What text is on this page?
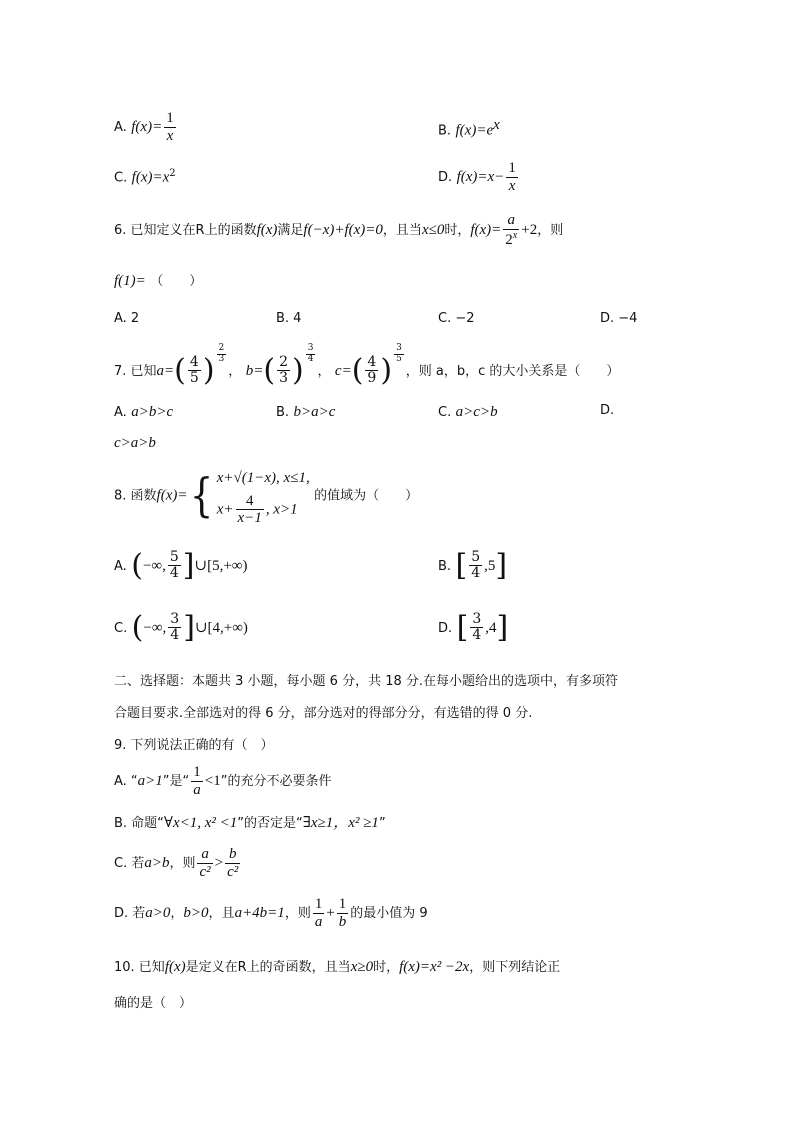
A. $f(x)= \frac{1}{x}$	B. $f(x)=e^x$
C. $f(x)=x^2$	D. $f(x)=x- \frac{1}{x}$
6. 已知定义在R上的函数f(x)满足f(−x)+f(x)=0，且当x≤0时，$f(x)= \frac{a}{2^x} +2$，则
f(1)= （　　）
A. 2	B. 4	C. −2	D. −4
7. 已知$a=( \frac{4}{5}$ ) $^{\frac{2}{3}}$
， $b=( \frac{2}{3}$ ) $^{\frac{3}{4}}$
， $c=( \frac{4}{9}$ ) $^{\frac{3}{5}}$
，则 a，b，c 的大小关系是（　　）
A. a>b>c	B. b>a>c	C. a>c>b	D.
c>a>b
8. 函数f(x)={ x+√(1−x), x≤1,
$x+ \frac{4}{x-1}$ , x>1
的值域为（　　）
A. (−∞, $\frac{5}{4}$ ]∪[5,+∞)	B. [ $\frac{5}{4} ,5$]
C. (−∞, $\frac{3}{4}$ ]∪[4,+∞)	D. [ $\frac{3}{4} ,4$]
二、选择题：本题共 3 小题，每小题 6 分，共 18 分.在每小题给出的选项中，有多项符
合题目要求.全部选对的得 6 分，部分选对的得部分分，有选错的得 0 分.
9. 下列说法正确的有（　）
A. “a>1”是“ $\frac{1}{a} <1$”的充分不必要条件
B. 命题“∀x<1, x² <1”的否定是“∃x≥1，x² ≥1”
C. 若a>b，则 $\frac{a}{\text{c²}} > \frac{b}{\text{c²}}$
D. 若a>0，b>0，且a+4b=1，则 $\frac{1}{a} + \frac{1}{b}$ 的最小值为 9
10. 已知f(x)是定义在R上的奇函数，且当x≥0时，f(x)=x² −2x，则下列结论正
确的是（　）
